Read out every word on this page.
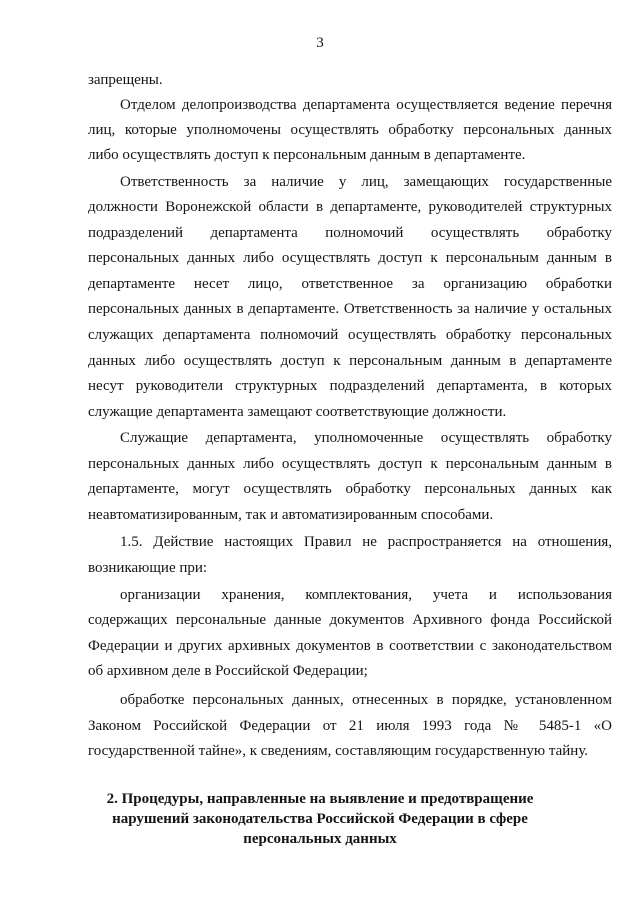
3
запрещены.
Отделом делопроизводства департамента осуществляется ведение перечня
лиц, которые уполномочены осуществлять обработку персональных данных
либо осуществлять доступ к персональным данным в департаменте.
Ответственность за наличие у лиц, замещающих государственные
должности Воронежской области в департаменте, руководителей структурных
подразделений департамента полномочий осуществлять обработку
персональных данных либо осуществлять доступ к персональным данным в
департаменте несет лицо, ответственное за организацию обработки
персональных данных в департаменте. Ответственность за наличие у остальных
служащих департамента полномочий осуществлять обработку персональных
данных либо осуществлять доступ к персональным данным в департаменте
несут руководители структурных подразделений департамента, в которых
служащие департамента замещают соответствующие должности.
Служащие департамента, уполномоченные осуществлять обработку
персональных данных либо осуществлять доступ к персональным данным в
департаменте, могут осуществлять обработку персональных данных как
неавтоматизированным, так и автоматизированным способами.
1.5. Действие настоящих Правил не распространяется на отношения,
возникающие при:
организации хранения, комплектования, учета и использования
содержащих персональные данные документов Архивного фонда Российской
Федерации и других архивных документов в соответствии с законодательством
об архивном деле в Российской Федерации;
обработке персональных данных, отнесенных в порядке, установленном
Законом Российской Федерации от 21 июля 1993 года № 5485-1 «О
государственной тайне», к сведениям, составляющим государственную тайну.
2. Процедуры, направленные на выявление и предотвращение
нарушений законодательства Российской Федерации в сфере
персональных данных
